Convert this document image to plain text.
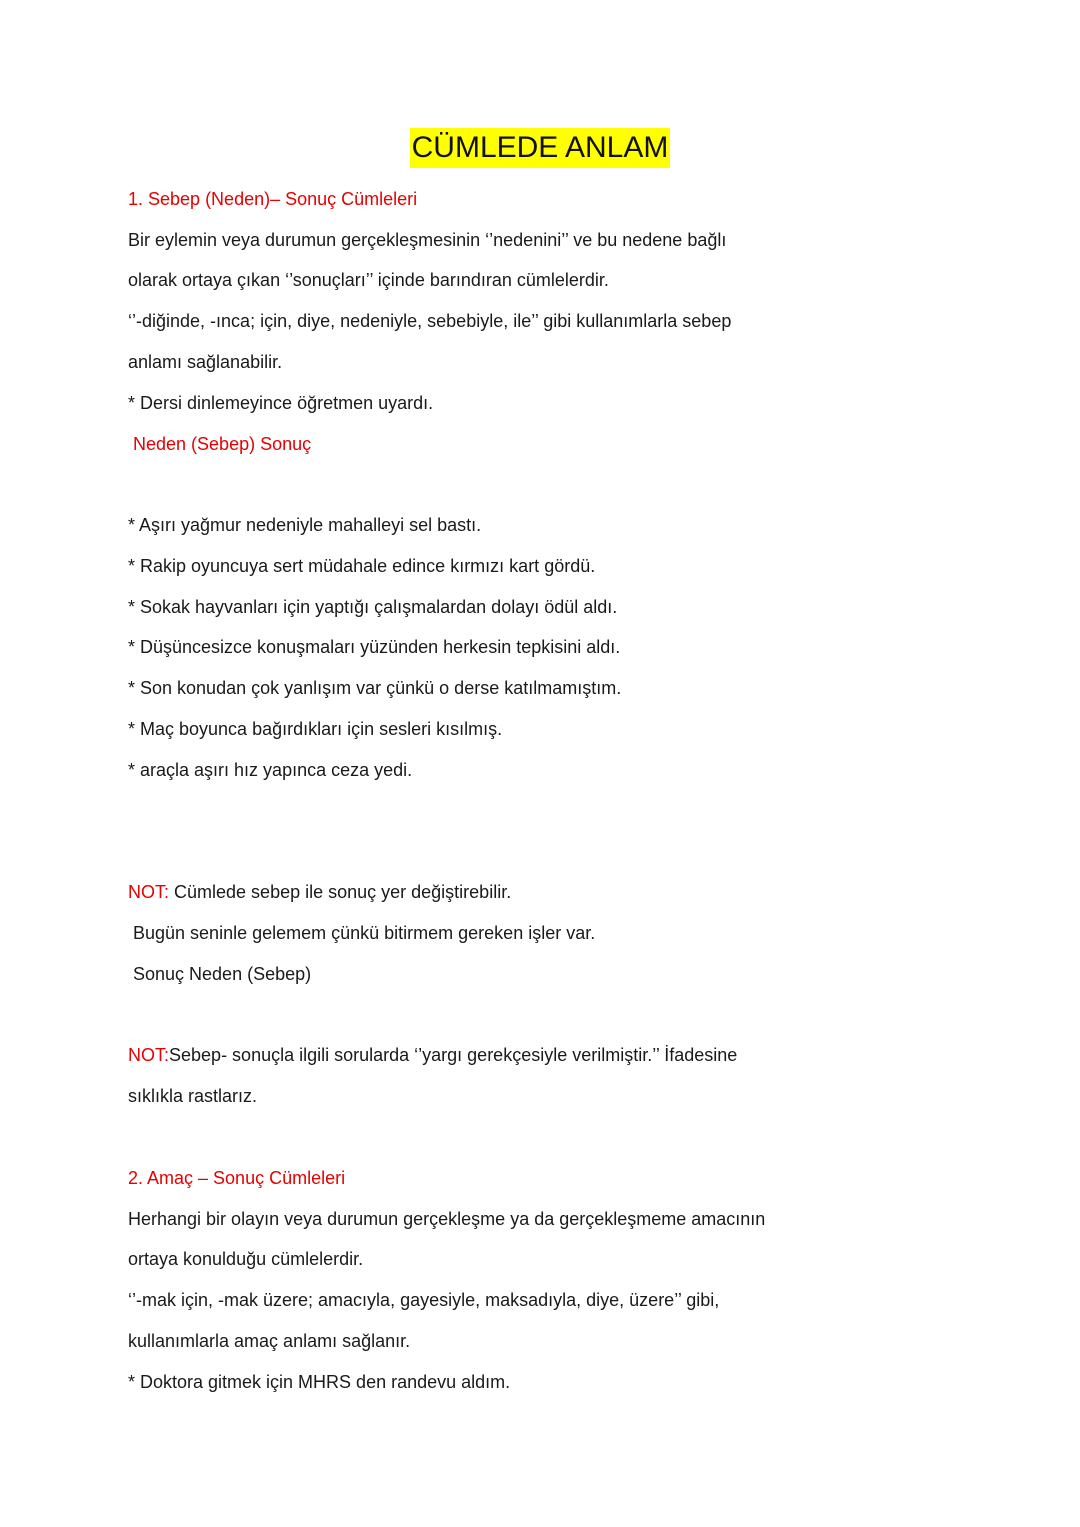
CÜMLEDE ANLAM
1. Sebep (Neden)– Sonuç Cümleleri
Bir eylemin veya durumun gerçekleşmesinin ‘’nedenini’’ ve bu nedene bağlı
olarak ortaya çıkan ‘’sonuçları’’ içinde barındıran cümlelerdir.
‘’-diğinde, -ınca; için, diye, nedeniyle, sebebiyle, ile’’ gibi kullanımlarla sebep
anlamı sağlanabilir.
* Dersi dinlemeyince öğretmen uyardı.
Neden (Sebep) Sonuç
* Aşırı yağmur nedeniyle mahalleyi sel bastı.
* Rakip oyuncuya sert müdahale edince kırmızı kart gördü.
* Sokak hayvanları için yaptığı çalışmalardan dolayı ödül aldı.
* Düşüncesizce konuşmaları yüzünden herkesin tepkisini aldı.
* Son konudan çok yanlışım var çünkü o derse katılmamıştım.
* Maç boyunca bağırdıkları için sesleri kısılmış.
* araçla aşırı hız yapınca ceza yedi.
NOT: Cümlede sebep ile sonuç yer değiştirebilir.
Bugün seninle gelemem çünkü bitirmem gereken işler var.
Sonuç Neden (Sebep)
NOT:Sebep- sonuçla ilgili sorularda ‘’yargı gerekçesiyle verilmiştir.’’ İfadesine
sıklıkla rastlarız.
2. Amaç – Sonuç Cümleleri
Herhangi bir olayın veya durumun gerçekleşme ya da gerçekleşmeme amacının
ortaya konulduğu cümlelerdir.
‘’-mak için, -mak üzere; amacıyla, gayesiyle, maksadıyla, diye, üzere’’ gibi,
kullanımlarla amaç anlamı sağlanır.
* Doktora gitmek için MHRS den randevu aldım.
